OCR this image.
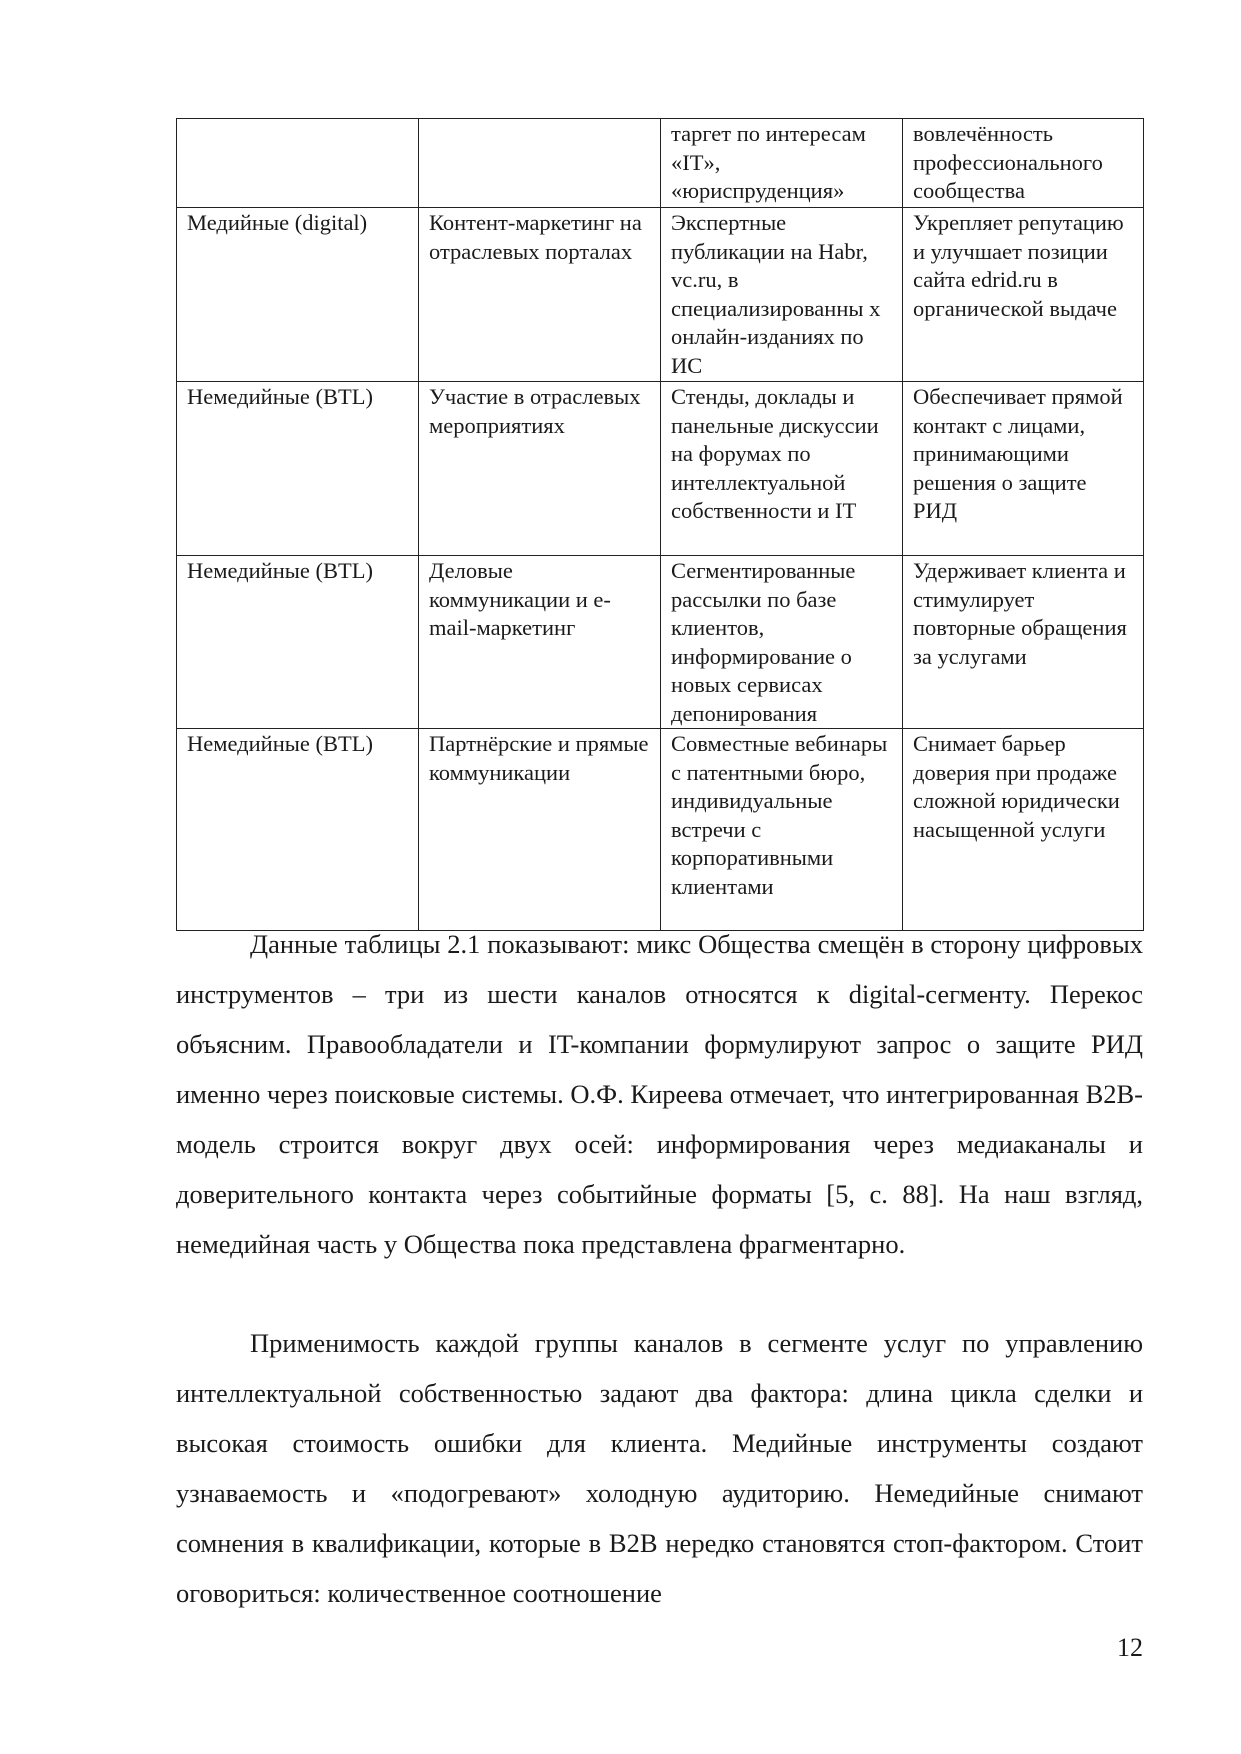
		таргет по интересам «IT», «юриспруденция»	вовлечённость профессионального сообщества
Медийные (digital)	Контент-маркетинг на отраслевых порталах	Экспертные публикации на Habr, vc.ru, в специализированны х онлайн-изданиях по ИС	Укрепляет репутацию и улучшает позиции сайта edrid.ru в органической выдаче
Немедийные (BTL)	Участие в отраслевых мероприятиях	Стенды, доклады и панельные дискуссии на форумах по интеллектуальной собственности и IT	Обеспечивает прямой контакт с лицами, принимающими решения о защите РИД
Немедийные (BTL)	Деловые коммуникации и e-mail-маркетинг	Сегментированные рассылки по базе клиентов, информирование о новых сервисах депонирования	Удерживает клиента и стимулирует повторные обращения за услугами
Немедийные (BTL)	Партнёрские и прямые коммуникации	Совместные вебинары с патентными бюро, индивидуальные встречи с корпоративными клиентами	Снимает барьер доверия при продаже сложной юридически насыщенной услуги

Данные таблицы 2.1 показывают: микс Общества смещён в сторону цифровых инструментов – три из шести каналов относятся к digital-сегменту. Перекос объясним. Правообладатели и IT-компании формулируют запрос о защите РИД именно через поисковые системы. О.Ф. Киреева отмечает, что интегрированная B2B-модель строится вокруг двух осей: информирования через медиаканалы и доверительного контакта через событийные форматы [5, с. 88]. На наш взгляд, немедийная часть у Общества пока представлена фрагментарно.

Применимость каждой группы каналов в сегменте услуг по управлению интеллектуальной собственностью задают два фактора: длина цикла сделки и высокая стоимость ошибки для клиента. Медийные инструменты создают узнаваемость и «подогревают» холодную аудиторию. Немедийные снимают сомнения в квалификации, которые в B2B нередко становятся стоп-фактором. Стоит оговориться: количественное соотношение

12
